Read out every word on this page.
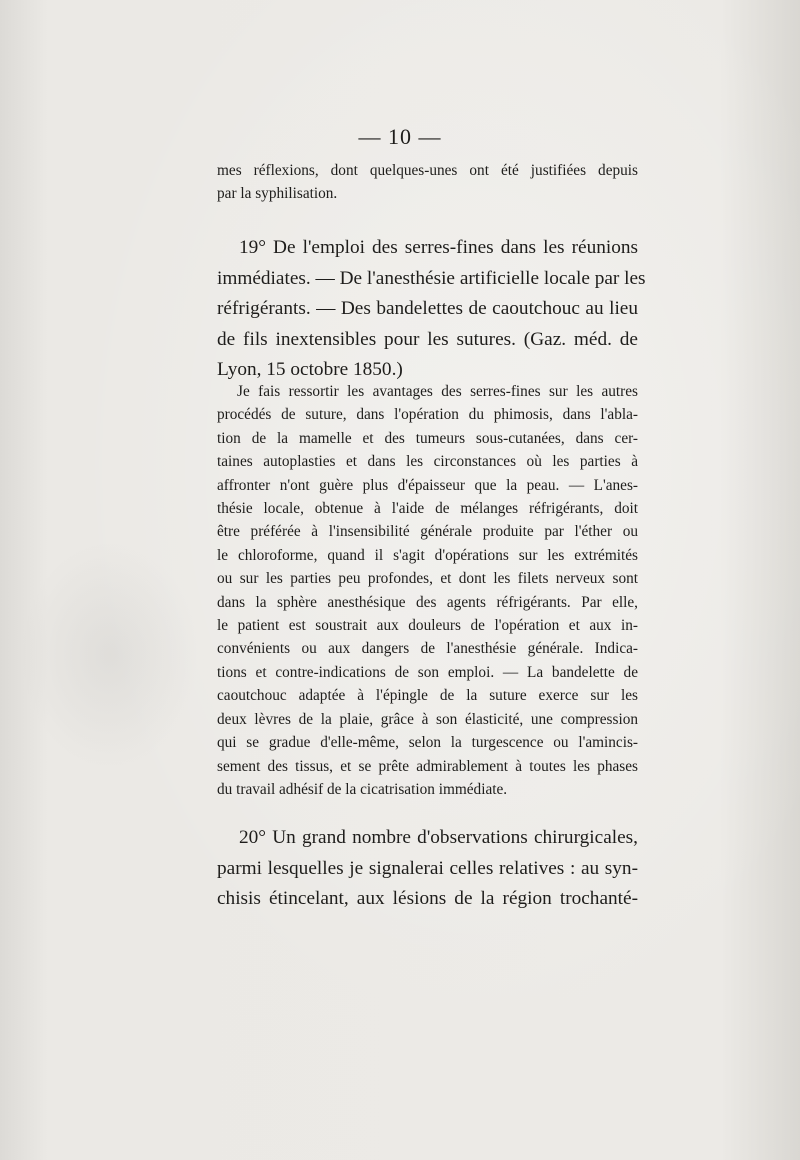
— 10 —
mes réflexions, dont quelques-unes ont été justifiées depuis
par la syphilisation.
19° De l'emploi des serres-fines dans les réunions
immédiates. — De l'anesthésie artificielle locale par les
réfrigérants. — Des bandelettes de caoutchouc au lieu
de fils inextensibles pour les sutures. (Gaz. méd. de
Lyon, 15 octobre 1850.)
Je fais ressortir les avantages des serres-fines sur les autres
procédés de suture, dans l'opération du phimosis, dans l'abla-
tion de la mamelle et des tumeurs sous-cutanées, dans cer-
taines autoplasties et dans les circonstances où les parties à
affronter n'ont guère plus d'épaisseur que la peau. — L'anes-
thésie locale, obtenue à l'aide de mélanges réfrigérants, doit
être préférée à l'insensibilité générale produite par l'éther ou
le chloroforme, quand il s'agit d'opérations sur les extrémités
ou sur les parties peu profondes, et dont les filets nerveux sont
dans la sphère anesthésique des agents réfrigérants. Par elle,
le patient est soustrait aux douleurs de l'opération et aux in-
convénients ou aux dangers de l'anesthésie générale. Indica-
tions et contre-indications de son emploi. — La bandelette de
caoutchouc adaptée à l'épingle de la suture exerce sur les
deux lèvres de la plaie, grâce à son élasticité, une compression
qui se gradue d'elle-même, selon la turgescence ou l'amincis-
sement des tissus, et se prête admirablement à toutes les phases
du travail adhésif de la cicatrisation immédiate.
20° Un grand nombre d'observations chirurgicales,
parmi lesquelles je signalerai celles relatives : au syn-
chisis étincelant, aux lésions de la région trochanté-
